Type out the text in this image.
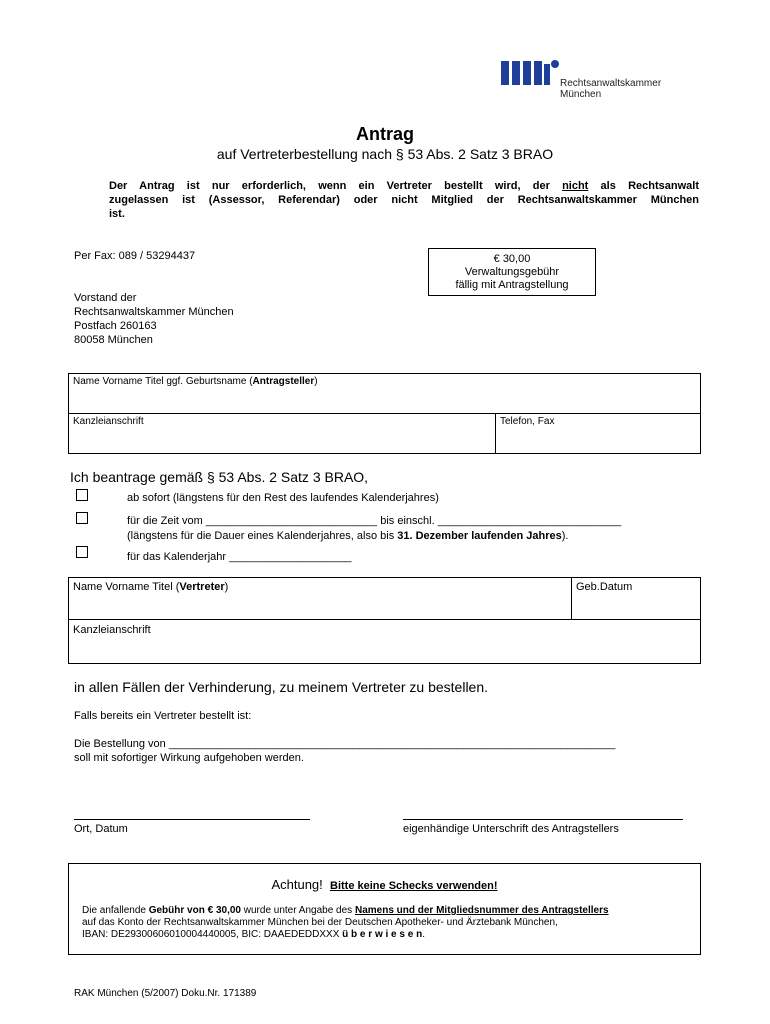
Rechtsanwaltskammer
München
Antrag
auf Vertreterbestellung nach § 53 Abs. 2 Satz 3 BRAO
Der Antrag ist nur erforderlich, wenn ein Vertreter bestellt wird, der nicht als Rechtsanwalt
zugelassen ist (Assessor, Referendar) oder nicht Mitglied der Rechtsanwaltskammer München
ist.
Per Fax: 089 / 53294437	€ 30,00
Verwaltungsgebühr
fällig mit Antragstellung
Vorstand der
Rechtsanwaltskammer München
Postfach 260163
80058 München
Name Vorname Titel ggf. Geburtsname (Antragsteller)
Kanzleianschrift	Telefon, Fax
Ich beantrage gemäß § 53 Abs. 2 Satz 3 BRAO,
ab sofort (längstens für den Rest des laufendes Kalenderjahres)
für die Zeit vom ____________________________ bis einschl. ______________________________
(längstens für die Dauer eines Kalenderjahres, also bis 31. Dezember laufenden Jahres).
für das Kalenderjahr ____________________
Name Vorname Titel (Vertreter)	Geb.Datum
Kanzleianschrift
in allen Fällen der Verhinderung, zu meinem Vertreter zu bestellen.
Falls bereits ein Vertreter bestellt ist:
Die Bestellung von _________________________________________________________________________
soll mit sofortiger Wirkung aufgehoben werden.
Ort, Datum	eigenhändige Unterschrift des Antragstellers
Achtung! Bitte keine Schecks verwenden!
Die anfallende Gebühr von € 30,00 wurde unter Angabe des Namens und der Mitgliedsnummer des Antragstellers
auf das Konto der Rechtsanwaltskammer München bei der Deutschen Apotheker- und Ärztebank München,
IBAN: DE29300606010004440005, BIC: DAAEDEDDXXX ü b e r w i e s e n.
RAK München (5/2007) Doku.Nr. 171389
